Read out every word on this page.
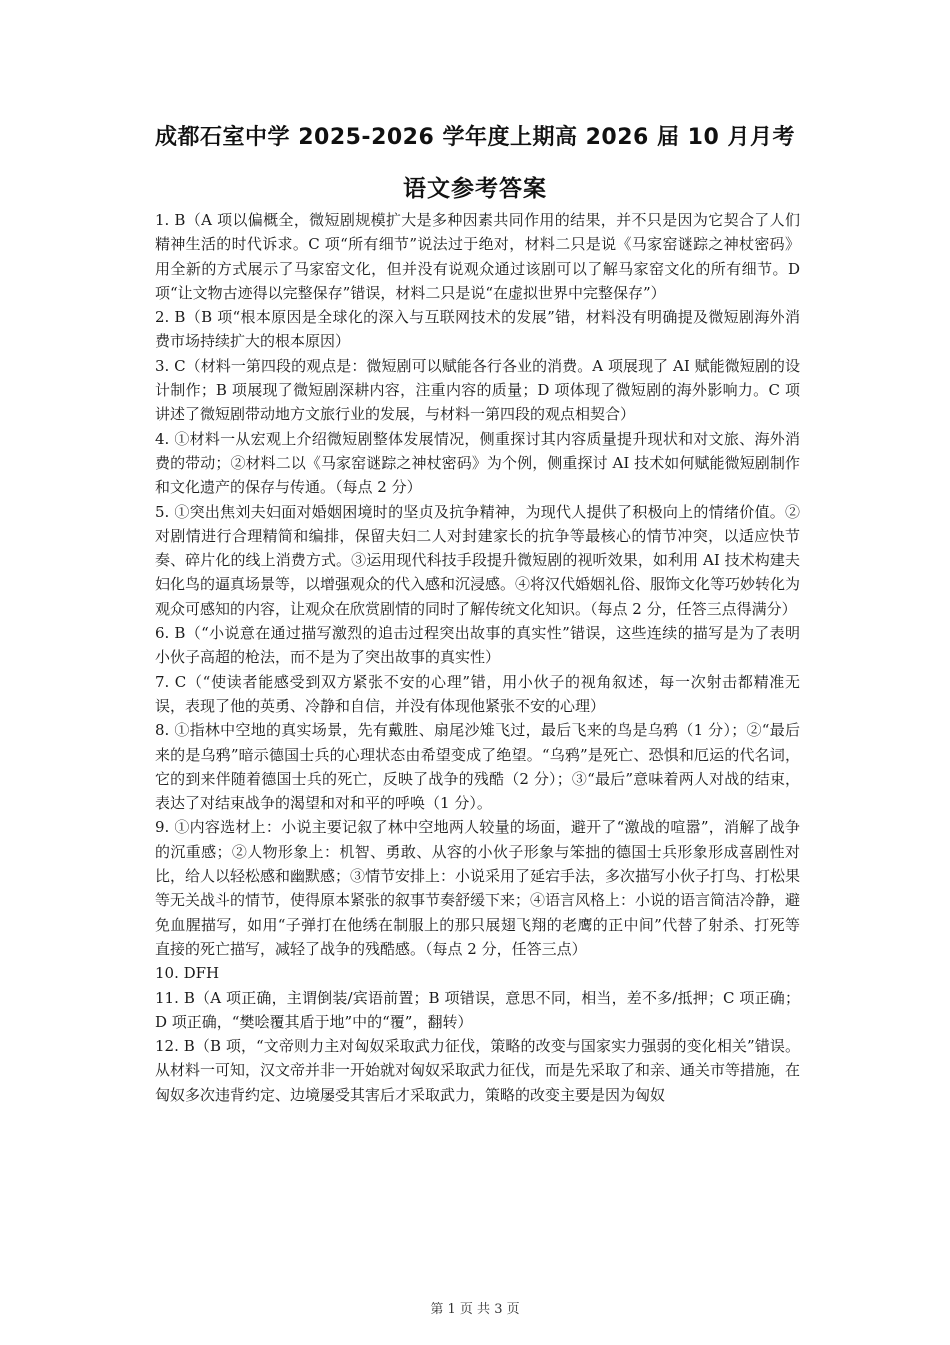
成都石室中学 2025-2026 学年度上期高 2026 届 10 月月考
语文参考答案
1. B（A 项以偏概全，微短剧规模扩大是多种因素共同作用的结果，并不只是因为它契合了人们精神生活的时代诉求。C 项“所有细节”说法过于绝对，材料二只是说《马家窑谜踪之神杖密码》用全新的方式展示了马家窑文化，但并没有说观众通过该剧可以了解马家窑文化的所有细节。D 项“让文物古迹得以完整保存”错误，材料二只是说“在虚拟世界中完整保存”）
2. B（B 项“根本原因是全球化的深入与互联网技术的发展”错，材料没有明确提及微短剧海外消费市场持续扩大的根本原因）
3. C（材料一第四段的观点是：微短剧可以赋能各行各业的消费。A 项展现了 AI 赋能微短剧的设计制作；B 项展现了微短剧深耕内容，注重内容的质量；D 项体现了微短剧的海外影响力。C 项讲述了微短剧带动地方文旅行业的发展，与材料一第四段的观点相契合）
4. ①材料一从宏观上介绍微短剧整体发展情况，侧重探讨其内容质量提升现状和对文旅、海外消费的带动；②材料二以《马家窑谜踪之神杖密码》为个例，侧重探讨 AI 技术如何赋能微短剧制作和文化遗产的保存与传通。（每点 2 分）
5. ①突出焦刘夫妇面对婚姻困境时的坚贞及抗争精神，为现代人提供了积极向上的情绪价值。②对剧情进行合理精简和编排，保留夫妇二人对封建家长的抗争等最核心的情节冲突，以适应快节奏、碎片化的线上消费方式。③运用现代科技手段提升微短剧的视听效果，如利用 AI 技术构建夫妇化鸟的逼真场景等，以增强观众的代入感和沉浸感。④将汉代婚姻礼俗、服饰文化等巧妙转化为观众可感知的内容，让观众在欣赏剧情的同时了解传统文化知识。（每点 2 分，任答三点得满分）
6. B（“小说意在通过描写激烈的追击过程突出故事的真实性”错误，这些连续的描写是为了表明小伙子高超的枪法，而不是为了突出故事的真实性）
7. C（“使读者能感受到双方紧张不安的心理”错，用小伙子的视角叙述，每一次射击都精准无误，表现了他的英勇、冷静和自信，并没有体现他紧张不安的心理）
8. ①指林中空地的真实场景，先有戴胜、扇尾沙雉飞过，最后飞来的鸟是乌鸦（1 分）；②“最后来的是乌鸦”暗示德国士兵的心理状态由希望变成了绝望。“乌鸦”是死亡、恐惧和厄运的代名词，它的到来伴随着德国士兵的死亡，反映了战争的残酷（2 分）；③“最后”意味着两人对战的结束，表达了对结束战争的渴望和对和平的呼唤（1 分）。
9. ①内容选材上：小说主要记叙了林中空地两人较量的场面，避开了“激战的喧嚣”，消解了战争的沉重感；②人物形象上：机智、勇敢、从容的小伙子形象与笨拙的德国士兵形象形成喜剧性对比，给人以轻松感和幽默感；③情节安排上：小说采用了延宕手法，多次描写小伙子打鸟、打松果等无关战斗的情节，使得原本紧张的叙事节奏舒缓下来；④语言风格上：小说的语言简洁冷静，避免血腥描写，如用“子弹打在他绣在制服上的那只展翅飞翔的老鹰的正中间”代替了射杀、打死等直接的死亡描写，减轻了战争的残酷感。（每点 2 分，任答三点）
10. DFH
11. B（A 项正确，主谓倒装/宾语前置；B 项错误，意思不同，相当，差不多/抵押；C 项正确；D 项正确，“樊哙覆其盾于地”中的“覆”，翻转）
12. B（B 项，“文帝则力主对匈奴采取武力征伐，策略的改变与国家实力强弱的变化相关”错误。从材料一可知，汉文帝并非一开始就对匈奴采取武力征伐，而是先采取了和亲、通关市等措施，在匈奴多次违背约定、边境屡受其害后才采取武力，策略的改变主要是因为匈奴
第 1 页 共 3 页
